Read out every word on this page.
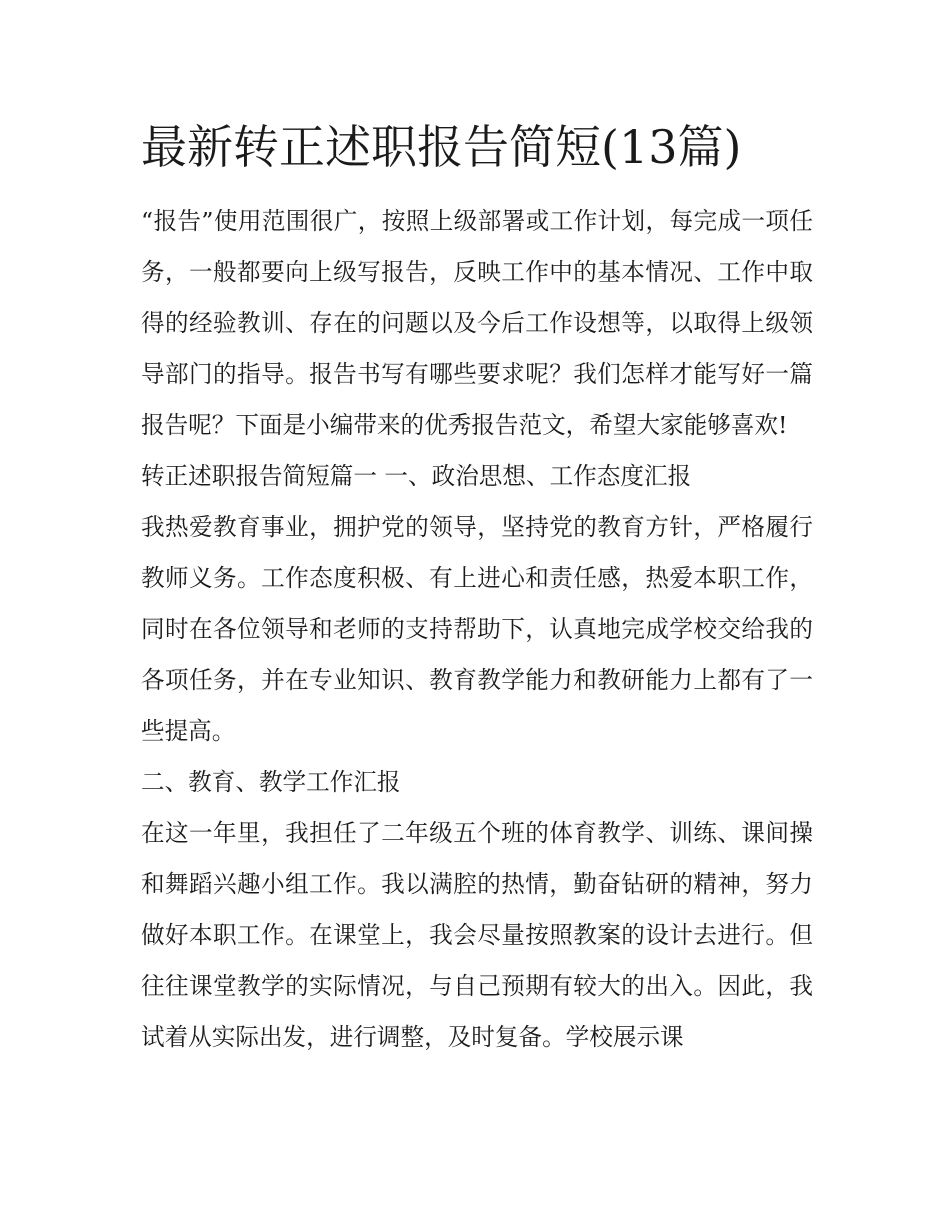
最新转正述职报告简短(13篇)

“报告”使用范围很广，按照上级部署或工作计划，每完成一项任务，一般都要向上级写报告，反映工作中的基本情况、工作中取得的经验教训、存在的问题以及今后工作设想等，以取得上级领导部门的指导。报告书写有哪些要求呢？我们怎样才能写好一篇报告呢？下面是小编带来的优秀报告范文，希望大家能够喜欢!

转正述职报告简短篇一 一、政治思想、工作态度汇报

我热爱教育事业，拥护党的领导，坚持党的教育方针，严格履行教师义务。工作态度积极、有上进心和责任感，热爱本职工作，同时在各位领导和老师的支持帮助下，认真地完成学校交给我的各项任务，并在专业知识、教育教学能力和教研能力上都有了一些提高。

二、教育、教学工作汇报

在这一年里，我担任了二年级五个班的体育教学、训练、课间操和舞蹈兴趣小组工作。我以满腔的热情，勤奋钻研的精神，努力做好本职工作。在课堂上，我会尽量按照教案的设计去进行。但往往课堂教学的实际情况，与自己预期有较大的出入。因此，我试着从实际出发，进行调整，及时复备。学校展示课
